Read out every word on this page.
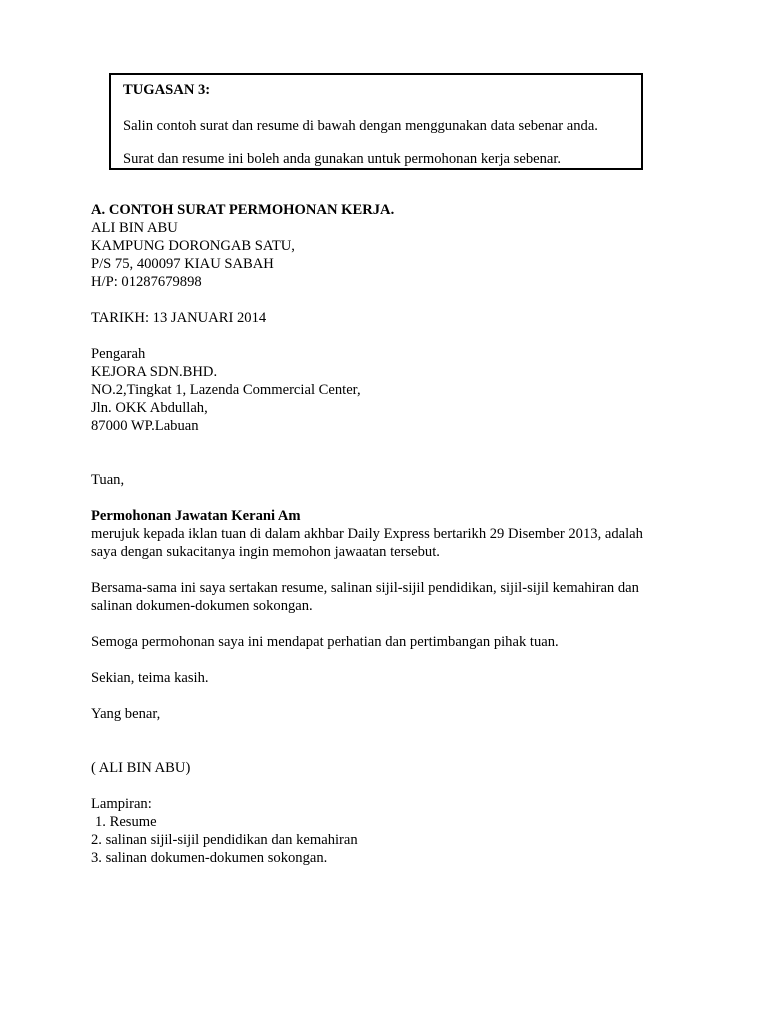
TUGASAN 3:

Salin contoh surat dan resume di bawah dengan menggunakan data sebenar anda.

Surat dan resume ini boleh anda gunakan untuk permohonan kerja sebenar.

A. CONTOH SURAT PERMOHONAN KERJA.
ALI BIN ABU
KAMPUNG DORONGAB SATU,
P/S 75, 400097 KIAU SABAH
H/P: 01287679898
TARIKH: 13 JANUARI 2014
Pengarah
KEJORA SDN.BHD.
NO.2,Tingkat 1, Lazenda Commercial Center,
Jln. OKK Abdullah,
87000 WP.Labuan
Tuan,
Permohonan Jawatan Kerani Am
merujuk kepada iklan tuan di dalam akhbar Daily Express bertarikh 29 Disember 2013, adalah
saya dengan sukacitanya ingin memohon jawaatan tersebut.
Bersama-sama ini saya sertakan resume, salinan sijil-sijil pendidikan, sijil-sijil kemahiran dan
salinan dokumen-dokumen sokongan.
Semoga permohonan saya ini mendapat perhatian dan pertimbangan pihak tuan.
Sekian, teima kasih.
Yang benar,
( ALI BIN ABU)
Lampiran:
1. Resume
2. salinan sijil-sijil pendidikan dan kemahiran
3. salinan dokumen-dokumen sokongan.
